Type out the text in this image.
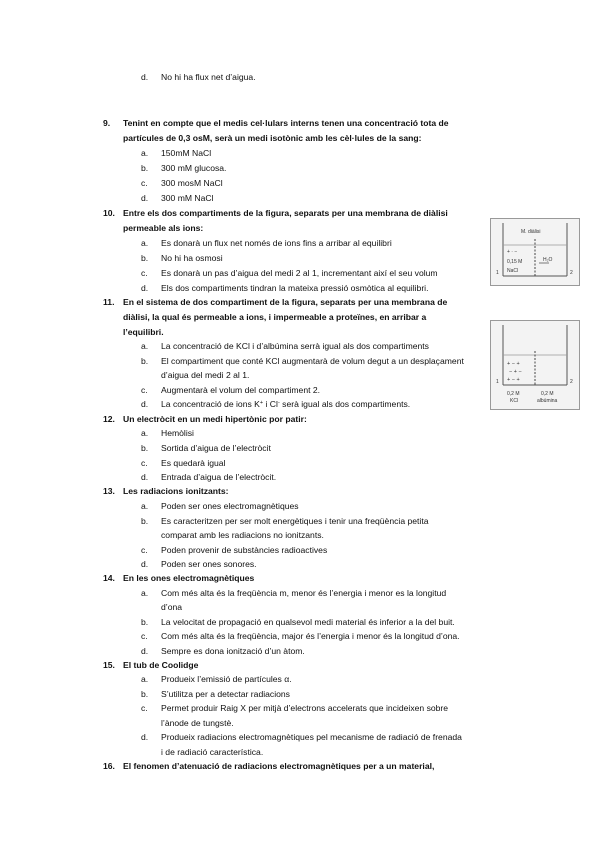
d. No hi ha flux net d’aigua.
9. Tenint en compte que el medis cel·lulars interns tenen una concentració tota de
partícules de 0,3 osM, serà un medi isotònic amb les cèl·lules de la sang:
a. 150mM NaCl
b. 300 mM glucosa.
c. 300 mosM NaCl
d. 300 mM NaCl
10. Entre els dos compartiments de la figura, separats per una membrana de diàlisi
permeable als ions:
a. Es donarà un flux net només de ions fins a arribar al equilibri
b. No hi ha osmosi
c. Es donarà un pas d’aigua del medi 2 al 1, incrementant així el seu volum
d. Els dos compartiments tindran la mateixa pressió osmòtica al equilibri.
M. diàlisi
+ · −
0,15 M
NaCl
H₂O
1	2
11. En el sistema de dos compartiment de la figura, separats per una membrana de
diàlisi, la qual és permeable a ions, i impermeable a proteïnes, en arribar a
l’equilibri.
a. La concentració de KCl i d’albúmina serrà igual als dos compartiments
b. El compartiment que conté KCl augmentarà de volum degut a un desplaçament
d’aigua del medi 2 al 1.
c. Augmentarà el volum del compartiment 2.
d. La concentració de ions K+ i Cl- serà igual als dos compartiments.
+ − +
− + −
+ − +
1	2
0,2 M
KCl
0,2 M
albúmina
12. Un electròcit en un medi hipertònic por patir:
a. Hemòlisi
b. Sortida d’aigua de l’electròcit
c. Es quedarà igual
d. Entrada d’aigua de l’electròcit.
13. Les radiacions ionitzants:
a. Poden ser ones electromagnètiques
b. Es caracteritzen per ser molt energètiques i tenir una freqüència petita
comparat amb les radiacions no ionitzants.
c. Poden provenir de substàncies radioactives
d. Poden ser ones sonores.
14. En les ones electromagnètiques
a. Com més alta és la freqüència m, menor és l’energia i menor es la longitud
d’ona
b. La velocitat de propagació en qualsevol medi material és inferior a la del buit.
c. Com més alta és la freqüència, major és l’energia i menor és la longitud d’ona.
d. Sempre es dona ionització d’un àtom.
15. El tub de Coolidge
a. Produeix l’emissió de partícules α.
b. S’utilitza per a detectar radiacions
c. Permet produir Raig X per mitjà d’electrons accelerats que incideixen sobre
l’ànode de tungstè.
d. Produeix radiacions electromagnètiques pel mecanisme de radiació de frenada
i de radiació característica.
16. El fenomen d’atenuació de radiacions electromagnètiques per a un material,
